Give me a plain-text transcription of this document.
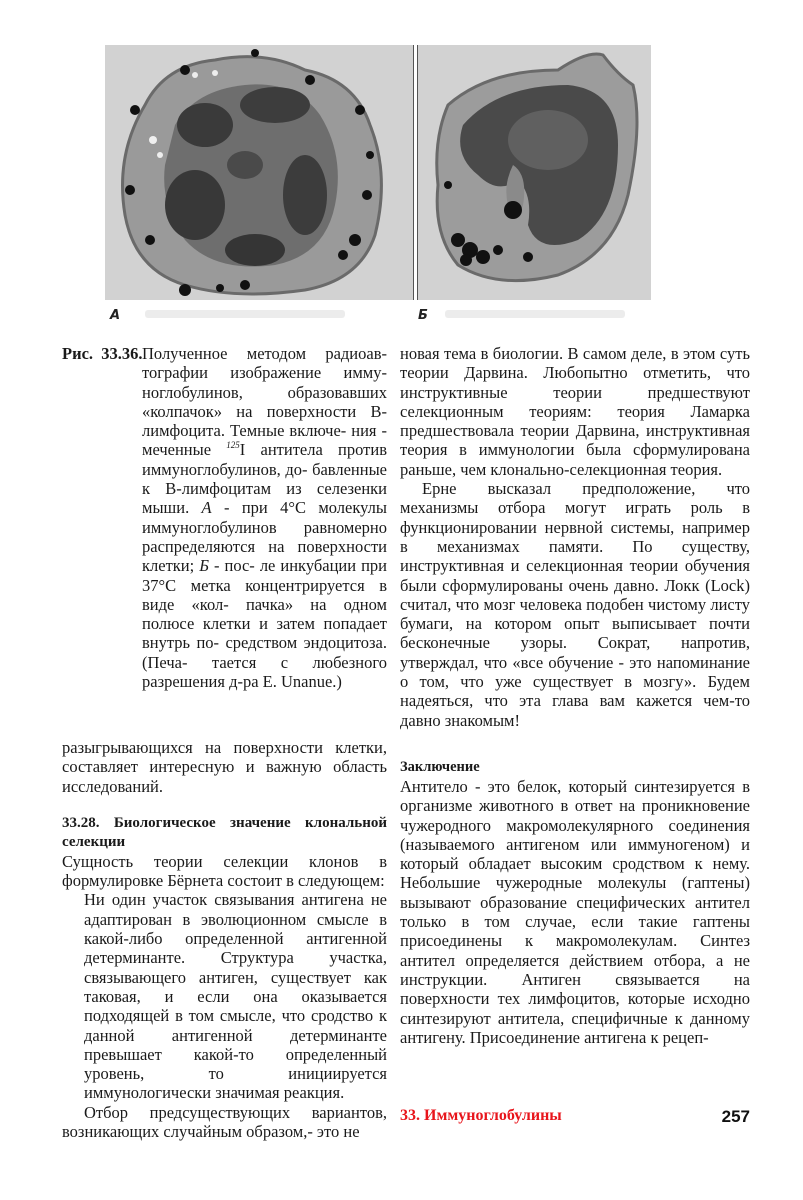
А	Б
Рис.  33.36. Полученное методом радиоав- тографии изображение имму- ноглобулинов, образовавших «колпачок» на поверхности В-лимфоцита. Темные включе- ния - меченные $^{125}$I антитела против иммуноглобулинов, до- бавленные к В-лимфоцитам из селезенки мыши. А - при 4°C молекулы иммуноглобулинов равномерно распределяются на поверхности клетки; Б - пос- ле инкубации при 37°C метка концентрируется в виде «кол- пачка» на одном полюсе клетки и затем попадает внутрь по- средством эндоцитоза. (Печа- тается с любезного разрешения д-ра E. Unanue.)

разыгрывающихся на поверхности клетки, составляет интересную и важную область исследований.

33.28. Биологическое значение клональной селекции

Сущность теории селекции клонов в формулировке Бёрнета состоит в следующем:

Ни один участок связывания антигена не адаптирован в эволюционном смысле в какой-либо определенной антигенной детерминанте. Структура участка, связывающего антиген, существует как таковая, и если она оказывается подходящей в том смысле, что сродство к данной антигенной детерминанте превышает какой-то определенный уровень, то инициируется иммунологически значимая реакция.

Отбор предсуществующих вариантов, возникающих случайным образом,- это не

новая тема в биологии. В самом деле, в этом суть теории Дарвина. Любопытно отметить, что инструктивные теории предшествуют селекционным теориям: теория Ламарка предшествовала теории Дарвина, инструктивная теория в иммунологии была сформулирована раньше, чем клонально-селекционная теория.

Ерне высказал предположение, что механизмы отбора могут играть роль в функционировании нервной системы, например в механизмах памяти. По существу, инструктивная и селекционная теории обучения были сформулированы очень давно. Локк (Lock) считал, что мозг человека подобен чистому листу бумаги, на котором опыт выписывает почти бесконечные узоры. Сократ, напротив, утверждал, что «все обучение - это напоминание о том, что уже существует в мозгу». Будем надеяться, что эта глава вам кажется чем-то давно знакомым!

Заключение

Антитело - это белок, который синтезируется в организме животного в ответ на проникновение чужеродного макромолекулярного соединения (называемого антигеном или иммуногеном) и который обладает высоким сродством к нему. Небольшие чужеродные молекулы (гаптены) вызывают образование специфических антител только в том случае, если такие гаптены присоединены к макромолекулам. Синтез антител определяется действием отбора, а не инструкции. Антиген связывается на поверхности тех лимфоцитов, которые исходно синтезируют антитела, специфичные к данному антигену. Присоединение антигена к рецеп-

33. Иммуноглобулины	257
